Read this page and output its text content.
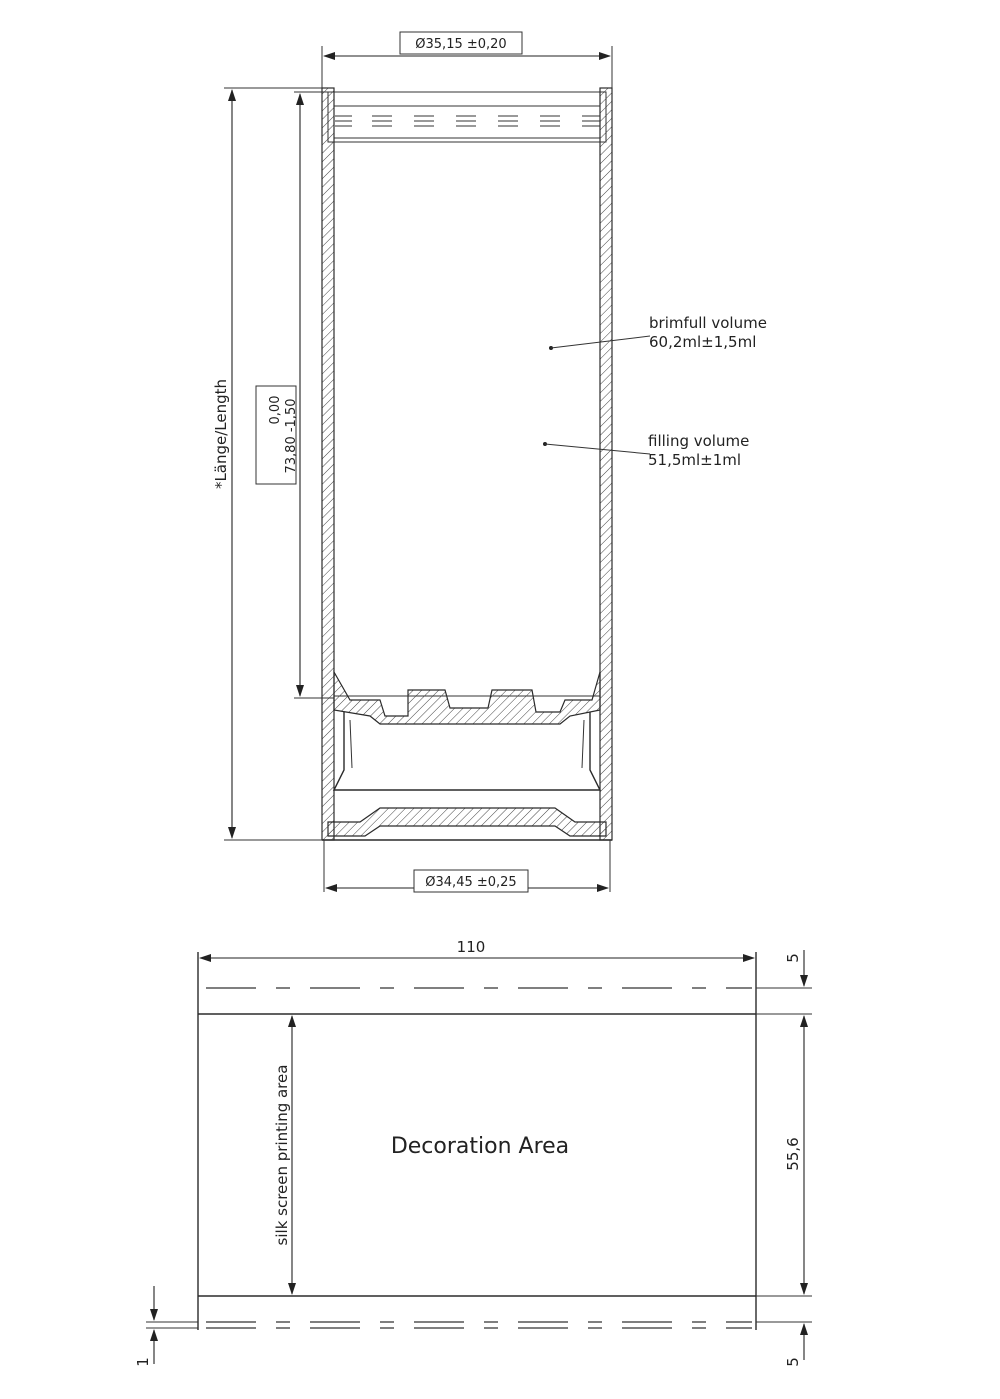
Ø35,15 ±0,20
Ø34,45 ±0,25
*Länge/Length	0,00 73,80 -1,50
brimfull volume
60,2ml±1,5ml
filling volume
51,5ml±1ml
110
5
55,6
5
1
silk screen printing area	Decoration Area
